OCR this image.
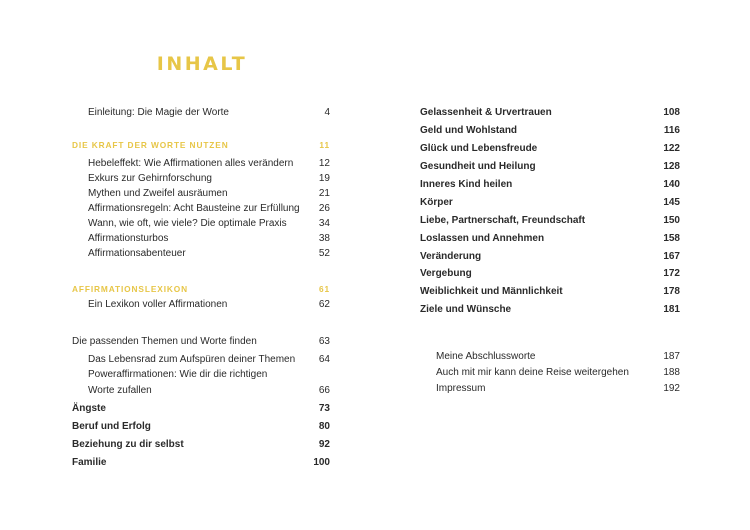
INHALT
Einleitung: Die Magie der Worte	4
DIE KRAFT DER WORTE NUTZEN	11
Hebeleffekt: Wie Affirmationen alles verändern	12
Exkurs zur Gehirnforschung	19
Mythen und Zweifel ausräumen	21
Affirmationsregeln: Acht Bausteine zur Erfüllung 26
Wann, wie oft, wie viele? Die optimale Praxis	34
Affirmationsturbos	38
Affirmationsabenteuer	52
AFFIRMATIONSLEXIKON	61
Ein Lexikon voller Affirmationen	62
Die passenden Themen und Worte finden	63
Das Lebensrad zum Aufspüren deiner Themen 64
Poweraffirmationen: Wie dir die richtigen
Worte zufallen	66
Ängste	73
Beruf und Erfolg	80
Beziehung zu dir selbst	92
Familie	100
Gelassenheit & Urvertrauen	108
Geld und Wohlstand	116
Glück und Lebensfreude	122
Gesundheit und Heilung	128
Inneres Kind heilen	140
Körper	145
Liebe, Partnerschaft, Freundschaft	150
Loslassen und Annehmen	158
Veränderung	167
Vergebung	172
Weiblichkeit und Männlichkeit	178
Ziele und Wünsche	181
Meine Abschlussworte	187
Auch mit mir kann deine Reise weitergehen	188
Impressum	192
